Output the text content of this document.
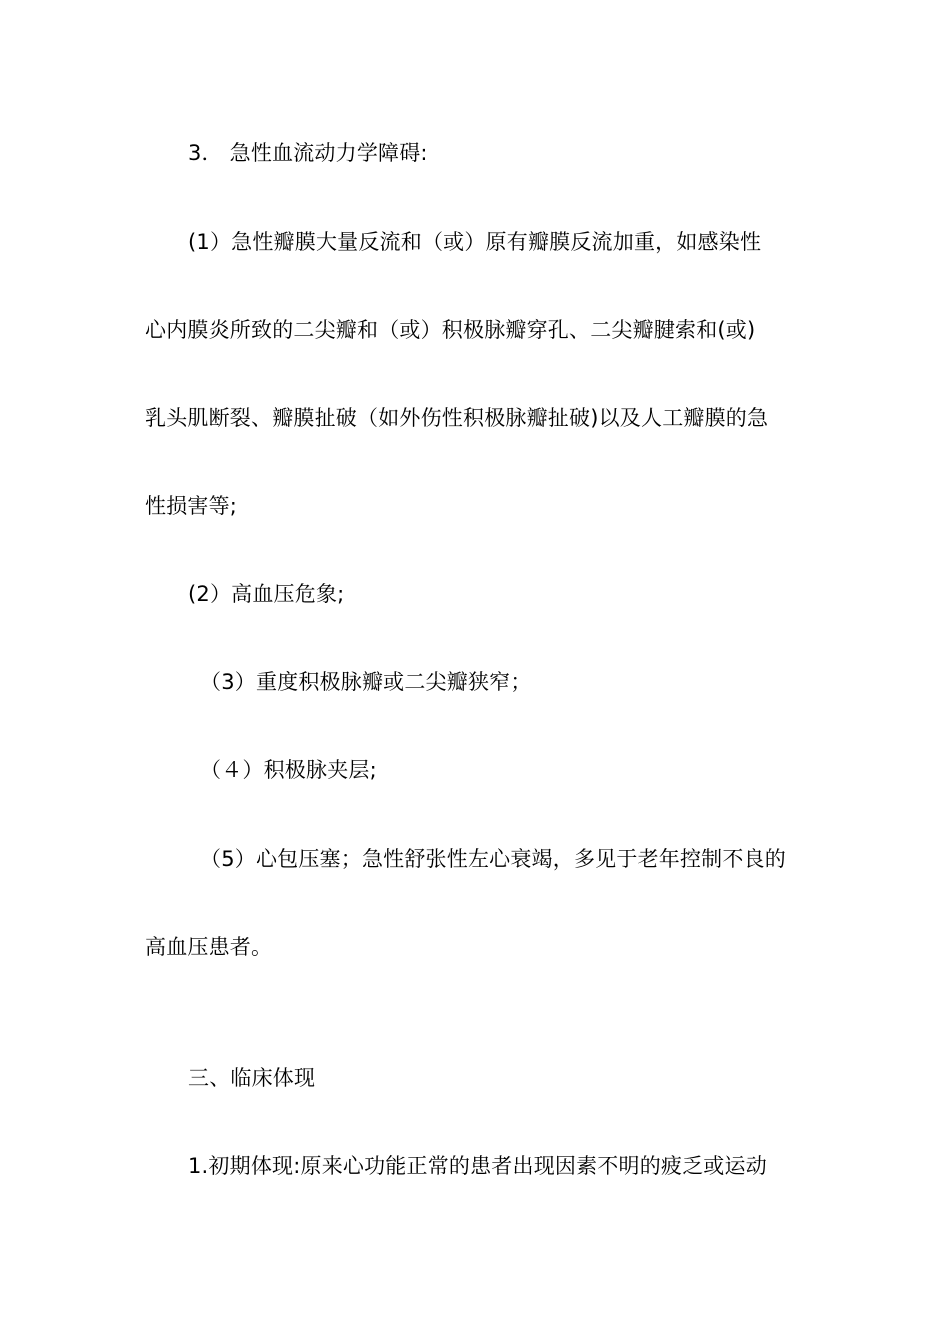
3． 急性血流动力学障碍:
(1）急性瓣膜大量反流和（或）原有瓣膜反流加重，如感染性
心内膜炎所致的二尖瓣和（或）积极脉瓣穿孔、二尖瓣腱索和(或)
乳头肌断裂、瓣膜扯破（如外伤性积极脉瓣扯破)以及人工瓣膜的急
性损害等;
(2）高血压危象;
（3）重度积极脉瓣或二尖瓣狭窄；
（４）积极脉夹层;
（5）心包压塞；急性舒张性左心衰竭，多见于老年控制不良的
高血压患者。
三、临床体现
1.初期体现:原来心功能正常的患者出现因素不明的疲乏或运动
